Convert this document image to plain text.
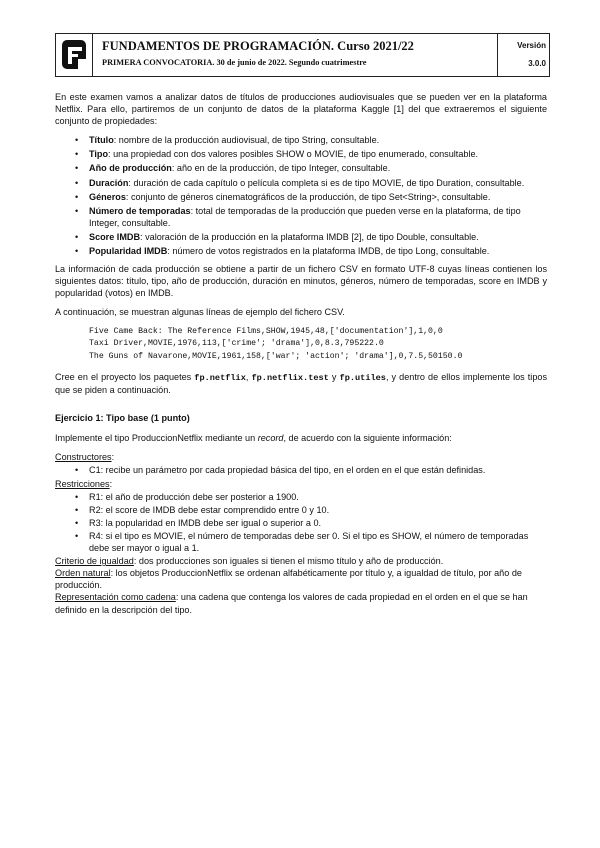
FUNDAMENTOS DE PROGRAMACIÓN. Curso 2021/22
PRIMERA CONVOCATORIA. 30 de junio de 2022. Segundo cuatrimestre
Versión
3.0.0

En este examen vamos a analizar datos de títulos de producciones audiovisuales que se pueden ver en la plataforma Netflix. Para ello, partiremos de un conjunto de datos de la plataforma Kaggle [1] del que extraeremos el siguiente conjunto de propiedades:

• Título: nombre de la producción audiovisual, de tipo String, consultable.
• Tipo: una propiedad con dos valores posibles SHOW o MOVIE, de tipo enumerado, consultable.
• Año de producción: año en de la producción, de tipo Integer, consultable.
• Duración: duración de cada capítulo o película completa si es de tipo MOVIE, de tipo Duration, consultable.
• Géneros: conjunto de géneros cinematográficos de la producción, de tipo Set<String>, consultable.
• Número de temporadas: total de temporadas de la producción que pueden verse en la plataforma, de tipo Integer, consultable.
• Score IMDB: valoración de la producción en la plataforma IMDB [2], de tipo Double, consultable.
• Popularidad IMDB: número de votos registrados en la plataforma IMDB, de tipo Long, consultable.

La información de cada producción se obtiene a partir de un fichero CSV en formato UTF-8 cuyas líneas contienen los siguientes datos: título, tipo, año de producción, duración en minutos, géneros, número de temporadas, score en IMDB y popularidad (votos) en IMDB.

A continuación, se muestran algunas líneas de ejemplo del fichero CSV.

Five Came Back: The Reference Films,SHOW,1945,48,['documentation'],1,0,0
Taxi Driver,MOVIE,1976,113,['crime'; 'drama'],0,8.3,795222.0
The Guns of Navarone,MOVIE,1961,158,['war'; 'action'; 'drama'],0,7.5,50150.0

Cree en el proyecto los paquetes fp.netflix, fp.netflix.test y fp.utiles, y dentro de ellos implemente los tipos que se piden a continuación.

Ejercicio 1: Tipo base (1 punto)

Implemente el tipo ProduccionNetflix mediante un record, de acuerdo con la siguiente información:

Constructores:
• C1: recibe un parámetro por cada propiedad básica del tipo, en el orden en el que están definidas.
Restricciones:
• R1: el año de producción debe ser posterior a 1900.
• R2: el score de IMDB debe estar comprendido entre 0 y 10.
• R3: la popularidad en IMDB debe ser igual o superior a 0.
• R4: si el tipo es MOVIE, el número de temporadas debe ser 0. Si el tipo es SHOW, el número de temporadas debe ser mayor o igual a 1.
Criterio de igualdad: dos producciones son iguales si tienen el mismo título y año de producción.
Orden natural: los objetos ProduccionNetflix se ordenan alfabéticamente por título y, a igualdad de título, por año de producción.
Representación como cadena: una cadena que contenga los valores de cada propiedad en el orden en el que se han definido en la descripción del tipo.
